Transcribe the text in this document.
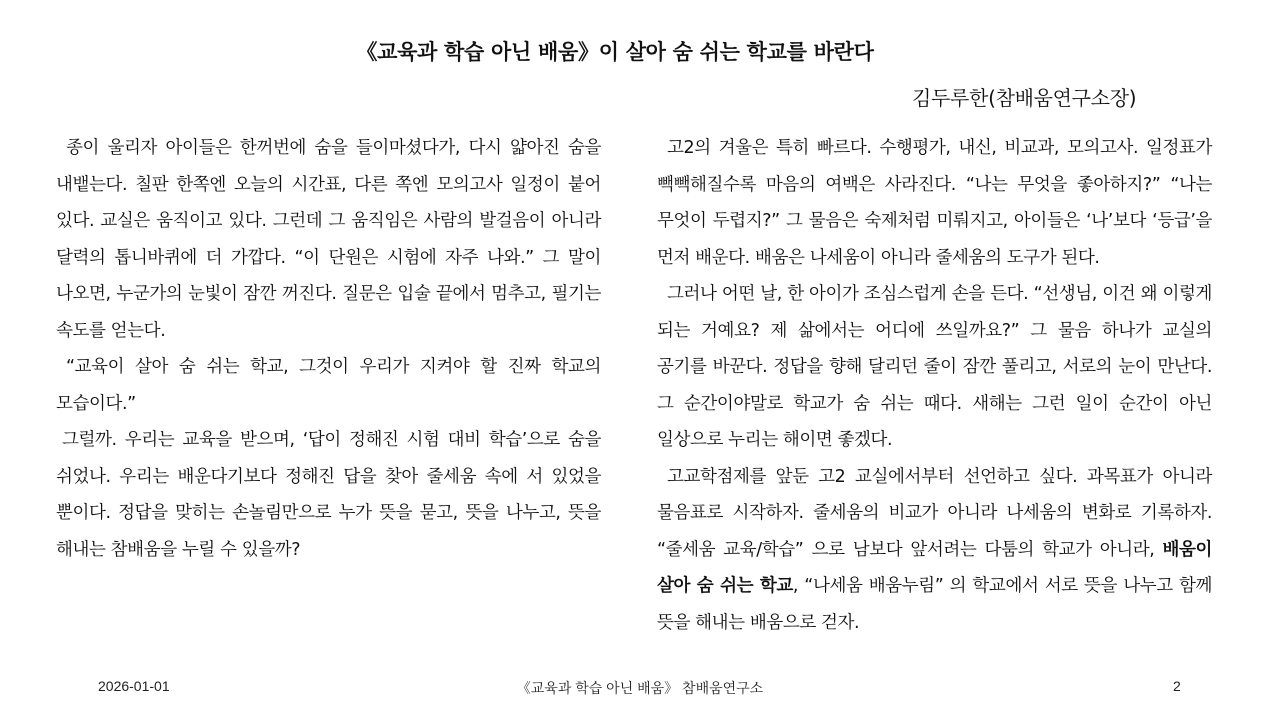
《교육과 학습 아닌 배움》이 살아 숨 쉬는 학교를 바란다
김두루한(참배움연구소장)

종이 울리자 아이들은 한꺼번에 숨을 들이마셨다가, 다시 얇아진 숨을 내뱉는다. 칠판 한쪽엔 오늘의 시간표, 다른 쪽엔 모의고사 일정이 붙어 있다. 교실은 움직이고 있다. 그런데 그 움직임은 사람의 발걸음이 아니라 달력의 톱니바퀴에 더 가깝다. “이 단원은 시험에 자주 나와.” 그 말이 나오면, 누군가의 눈빛이 잠깐 꺼진다. 질문은 입술 끝에서 멈추고, 필기는 속도를 얻는다.

“교육이 살아 숨 쉬는 학교, 그것이 우리가 지켜야 할 진짜 학교의 모습이다.”

그럴까. 우리는 교육을 받으며, ‘답이 정해진 시험 대비 학습’으로 숨을 쉬었나. 우리는 배운다기보다 정해진 답을 찾아 줄세움 속에 서 있었을 뿐이다. 정답을 맞히는 손놀림만으로 누가 뜻을 묻고, 뜻을 나누고, 뜻을 해내는 참배움을 누릴 수 있을까?

고2의 겨울은 특히 빠르다. 수행평가, 내신, 비교과, 모의고사. 일정표가 빽빽해질수록 마음의 여백은 사라진다. “나는 무엇을 좋아하지?” “나는 무엇이 두렵지?” 그 물음은 숙제처럼 미뤄지고, 아이들은 ‘나’보다 ‘등급’을 먼저 배운다. 배움은 나세움이 아니라 줄세움의 도구가 된다.

그러나 어떤 날, 한 아이가 조심스럽게 손을 든다. “선생님, 이건 왜 이렇게 되는 거예요? 제 삶에서는 어디에 쓰일까요?” 그 물음 하나가 교실의 공기를 바꾼다. 정답을 향해 달리던 줄이 잠깐 풀리고, 서로의 눈이 만난다. 그 순간이야말로 학교가 숨 쉬는 때다. 새해는 그런 일이 순간이 아닌 일상으로 누리는 해이면 좋겠다.

고교학점제를 앞둔 고2 교실에서부터 선언하고 싶다. 과목표가 아니라 물음표로 시작하자. 줄세움의 비교가 아니라 나세움의 변화로 기록하자. “줄세움 교육/학습” 으로 남보다 앞서려는 다툼의 학교가 아니라, 배움이 살아 숨 쉬는 학교, “나세움 배움누림” 의 학교에서 서로 뜻을 나누고 함께 뜻을 해내는 배움으로 걷자.

2026-01-01	《교육과 학습 아닌 배움》 참배움연구소	2
